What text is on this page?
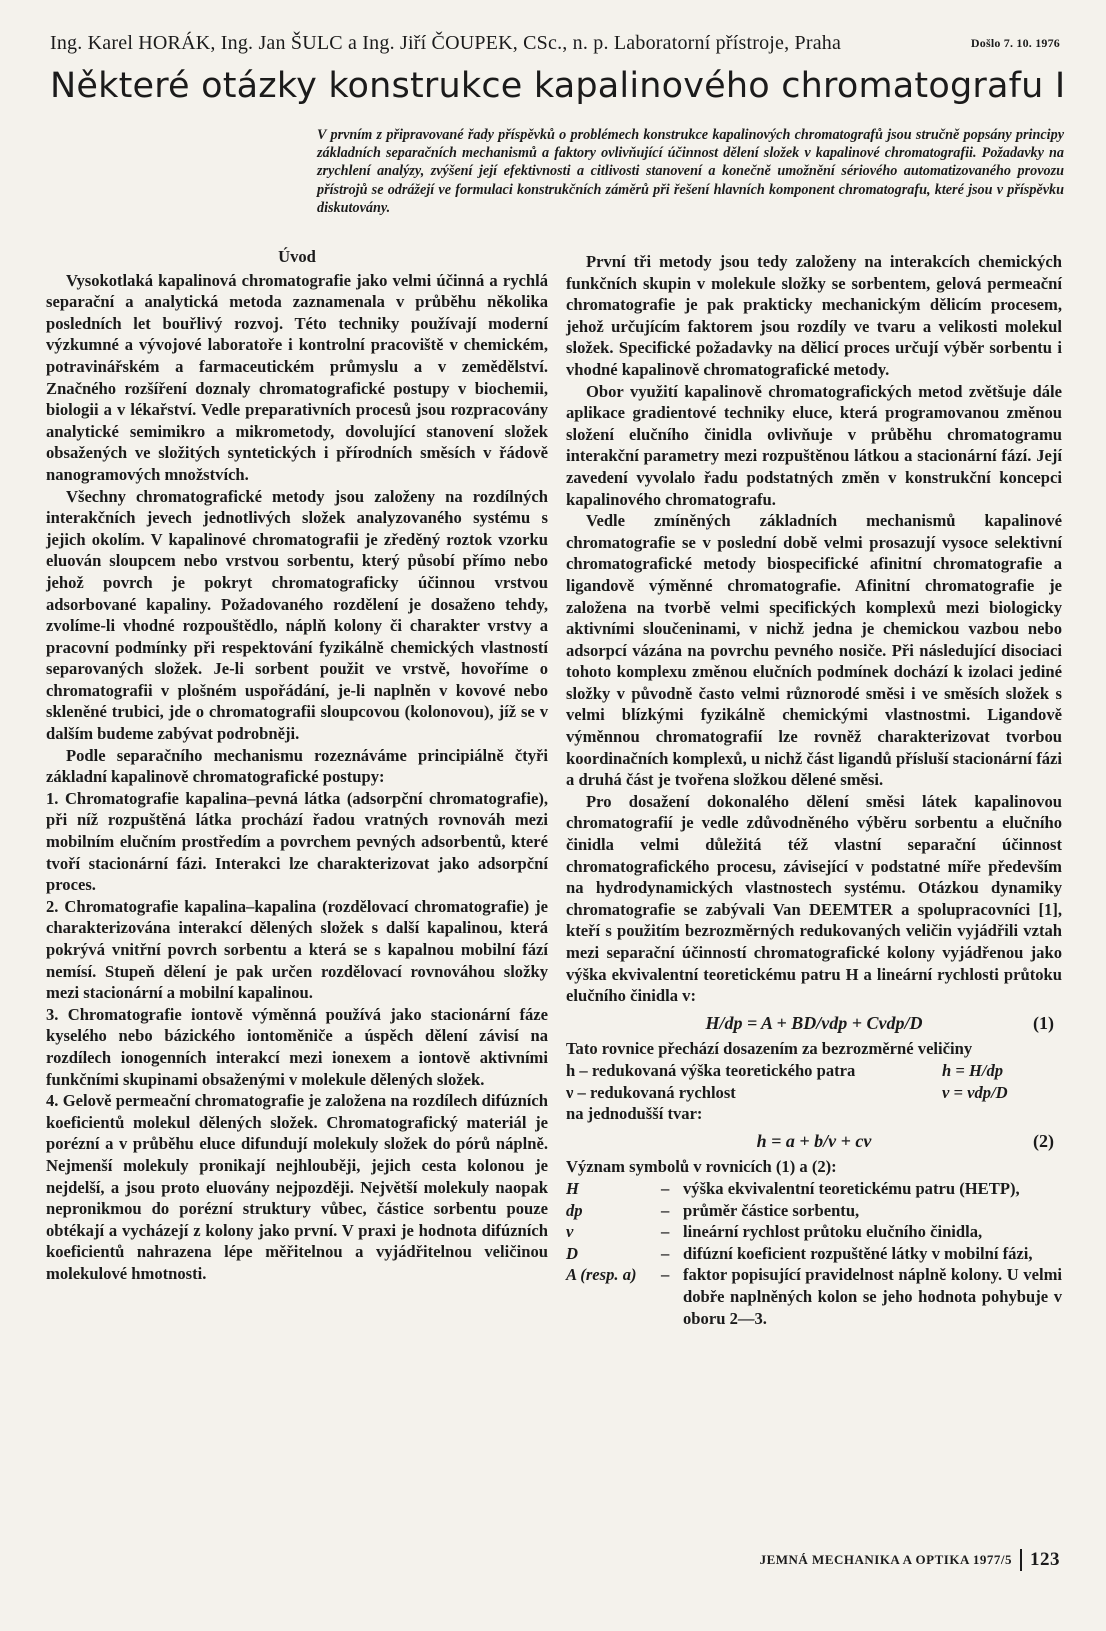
Ing. Karel HORÁK, Ing. Jan ŠULC a Ing. Jiří ČOUPEK, CSc., n. p. Laboratorní přístroje, Praha	Došlo 7. 10. 1976
Některé otázky konstrukce kapalinového chromatografu I

V prvním z připravované řady příspěvků o problémech konstrukce kapalinových chromatografů jsou stručně popsány principy základních separačních mechanismů a faktory ovlivňující účinnost dělení složek v kapalinové chromatografii. Požadavky na zrychlení analýzy, zvýšení její efektivnosti a citlivosti stanovení a konečně umožnění sériového automatizovaného provozu přístrojů se odrážejí ve formulaci konstrukčních záměrů při řešení hlavních komponent chromatografu, které jsou v příspěvku diskutovány.

Úvod

Vysokotlaká kapalinová chromatografie jako velmi účinná a rychlá separační a analytická metoda zaznamenala v průběhu několika posledních let bouřlivý rozvoj. Této techniky používají moderní výzkumné a vývojové laboratoře i kontrolní pracoviště v chemickém, potravinářském a farmaceutickém průmyslu a v zemědělství. Značného rozšíření doznaly chromatografické postupy v biochemii, biologii a v lékařství. Vedle preparativních procesů jsou rozpracovány analytické semimikro a mikrometody, dovolující stanovení složek obsažených ve složitých syntetických i přírodních směsích v řádově nanogramových množstvích.

Všechny chromatografické metody jsou založeny na rozdílných interakčních jevech jednotlivých složek analyzovaného systému s jejich okolím. V kapalinové chromatografii je zředěný roztok vzorku eluován sloupcem nebo vrstvou sorbentu, který působí přímo nebo jehož povrch je pokryt chromatograficky účinnou vrstvou adsorbované kapaliny. Požadovaného rozdělení je dosaženo tehdy, zvolíme-li vhodné rozpouštědlo, náplň kolony či charakter vrstvy a pracovní podmínky při respektování fyzikálně chemických vlastností separovaných složek. Je-li sorbent použit ve vrstvě, hovoříme o chromatografii v plošném uspořádání, je-li naplněn v kovové nebo skleněné trubici, jde o chromatografii sloupcovou (kolonovou), jíž se v dalším budeme zabývat podrobněji.

Podle separačního mechanismu rozeznáváme principiálně čtyři základní kapalinově chromatografické postupy:

1. Chromatografie kapalina–pevná látka (adsorpční chromatografie), při níž rozpuštěná látka prochází řadou vratných rovnováh mezi mobilním elučním prostředím a povrchem pevných adsorbentů, které tvoří stacionární fázi. Interakci lze charakterizovat jako adsorpční proces.

2. Chromatografie kapalina–kapalina (rozdělovací chromatografie) je charakterizována interakcí dělených složek s další kapalinou, která pokrývá vnitřní povrch sorbentu a která se s kapalnou mobilní fází nemísí. Stupeň dělení je pak určen rozdělovací rovnováhou složky mezi stacionární a mobilní kapalinou.

3. Chromatografie iontově výměnná používá jako stacionární fáze kyselého nebo bázického iontoměniče a úspěch dělení závisí na rozdílech ionogenních interakcí mezi ionexem a iontově aktivními funkčními skupinami obsaženými v molekule dělených složek.

4. Gelově permeační chromatografie je založena na rozdílech difúzních koeficientů molekul dělených složek. Chromatografický materiál je porézní a v průběhu eluce difundují molekuly složek do pórů náplně. Nejmenší molekuly pronikají nejhlouběji, jejich cesta kolonou je nejdelší, a jsou proto eluovány nejpozději. Největší molekuly naopak nepronikmou do porézní struktury vůbec, částice sorbentu pouze obtékají a vycházejí z kolony jako první. V praxi je hodnota difúzních koeficientů nahrazena lépe měřitelnou a vyjádřitelnou veličinou molekulové hmotnosti.

První tři metody jsou tedy založeny na interakcích chemických funkčních skupin v molekule složky se sorbentem, gelová permeační chromatografie je pak prakticky mechanickým dělicím procesem, jehož určujícím faktorem jsou rozdíly ve tvaru a velikosti molekul složek. Specifické požadavky na dělicí proces určují výběr sorbentu i vhodné kapalinově chromatografické metody.

Obor využití kapalinově chromatografických metod zvětšuje dále aplikace gradientové techniky eluce, která programovanou změnou složení elučního činidla ovlivňuje v průběhu chromatogramu interakční parametry mezi rozpuštěnou látkou a stacionární fází. Její zavedení vyvolalo řadu podstatných změn v konstrukční koncepci kapalinového chromatografu.

Vedle zmíněných základních mechanismů kapalinové chromatografie se v poslední době velmi prosazují vysoce selektivní chromatografické metody biospecifické afinitní chromatografie a ligandově výměnné chromatografie. Afinitní chromatografie je založena na tvorbě velmi specifických komplexů mezi biologicky aktivními sloučeninami, v nichž jedna je chemickou vazbou nebo adsorpcí vázána na povrchu pevného nosiče. Při následující disociaci tohoto komplexu změnou elučních podmínek dochází k izolaci jediné složky v původně často velmi různorodé směsi i ve směsích složek s velmi blízkými fyzikálně chemickými vlastnostmi. Ligandově výměnnou chromatografií lze rovněž charakterizovat tvorbou koordinačních komplexů, u nichž část ligandů přísluší stacionární fázi a druhá část je tvořena složkou dělené směsi.

Pro dosažení dokonalého dělení směsi látek kapalinovou chromatografií je vedle zdůvodněného výběru sorbentu a elučního činidla velmi důležitá též vlastní separační účinnost chromatografického procesu, závisející v podstatné míře především na hydrodynamických vlastnostech systému. Otázkou dynamiky chromatografie se zabývali Van DEEMTER a spolupracovníci [1], kteří s použitím bezrozměrných redukovaných veličin vyjádřili vztah mezi separační účinností chromatografické kolony vyjádřenou jako výška ekvivalentní teoretickému patru H a lineární rychlosti průtoku elučního činidla v:

H/dp = A + BD/vdp + Cvdp/D	(1)

Tato rovnice přechází dosazením za bezrozměrné veličiny

h – redukovaná výška teoretického patra	h = H/dp
ν – redukovaná rychlost	ν = vdp/D

na jednodušší tvar:

h = a + b/ν + cν	(2)

Význam symbolů v rovnicích (1) a (2):

H	–	výška ekvivalentní teoretickému patru (HETP),
dp	–	průměr částice sorbentu,
v	–	lineární rychlost průtoku elučního činidla,
D	–	difúzní koeficient rozpuštěné látky v mobilní fázi,
A (resp. a)	–	faktor popisující pravidelnost náplně kolony. U velmi dobře naplněných kolon se jeho hodnota pohybuje v oboru 2—3.
JEMNÁ MECHANIKA A OPTIKA 1977/5 123
